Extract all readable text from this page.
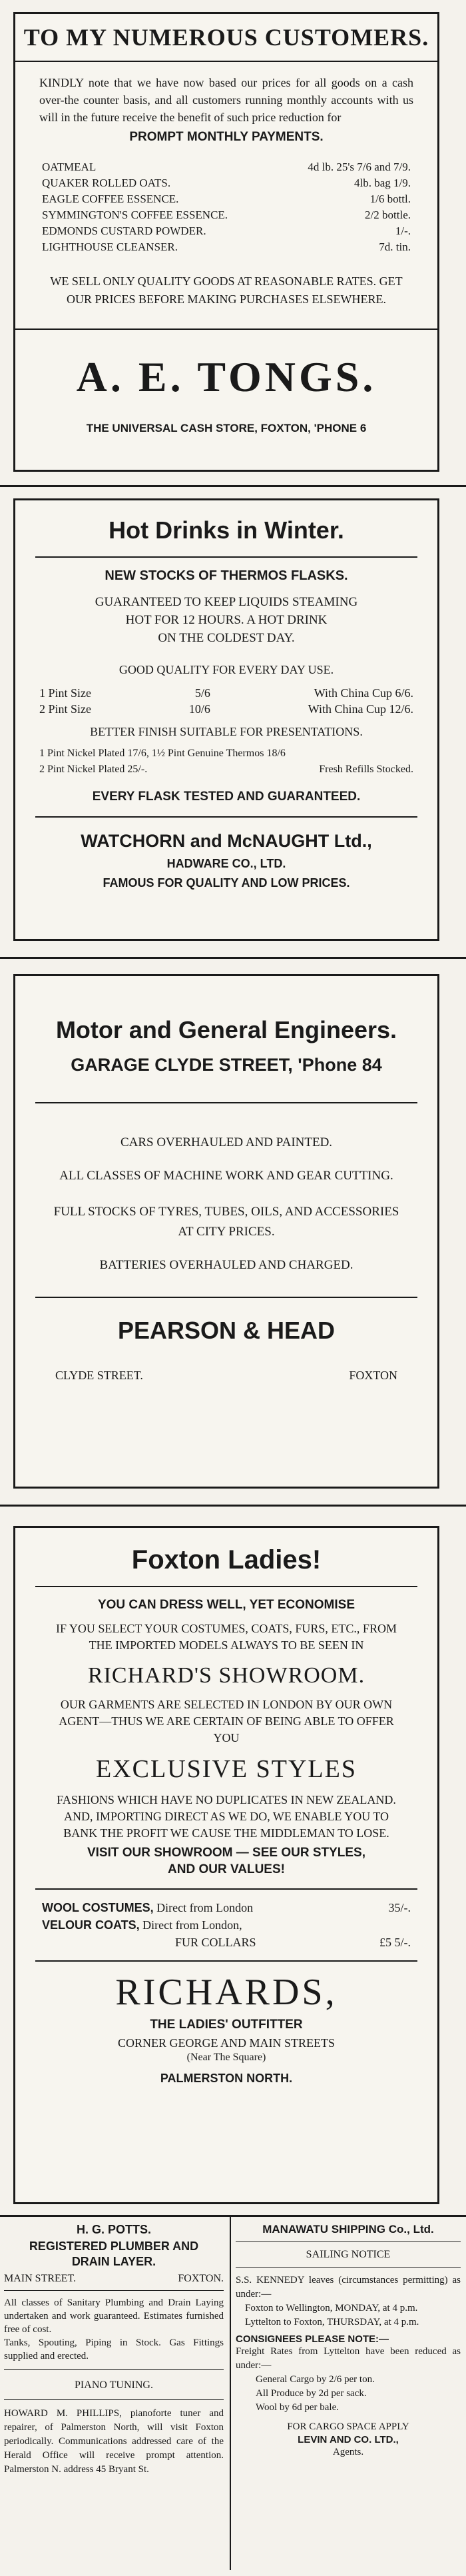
TO MY NUMEROUS CUSTOMERS.

KINDLY note that we have now based our prices for all goods on a cash over-the counter basis, and all customers running monthly accounts with us will in the future receive the benefit of such price reduction for

PROMPT MONTHLY PAYMENTS.

OATMEAL	4d lb. 25's 7/6 and 7/9.
QUAKER ROLLED OATS.	4lb. bag 1/9.
EAGLE COFFEE ESSENCE.	1/6 bottl.
SYMMINGTON'S COFFEE ESSENCE.	2/2 bottle.
EDMONDS CUSTARD POWDER.	1/-.
LIGHTHOUSE CLEANSER.	7d. tin.

WE SELL ONLY QUALITY GOODS AT REASONABLE RATES. GET OUR PRICES BEFORE MAKING PURCHASES ELSEWHERE.

A. E. TONGS.

THE UNIVERSAL CASH STORE, FOXTON, 'PHONE 6

Hot Drinks in Winter.

NEW STOCKS OF THERMOS FLASKS.

GUARANTEED TO KEEP LIQUIDS STEAMING

HOT FOR 12 HOURS. A HOT DRINK

ON THE COLDEST DAY.

GOOD QUALITY FOR EVERY DAY USE.

1 Pint Size	5/6	With China Cup 6/6.
2 Pint Size	10/6	With China Cup 12/6.

BETTER FINISH SUITABLE FOR PRESENTATIONS.

1 Pint Nickel Plated 17/6, 1½ Pint Genuine Thermos 18/6

2 Pint Nickel Plated 25/-.	Fresh Refills Stocked.

EVERY FLASK TESTED AND GUARANTEED.

WATCHORN and McNAUGHT Ltd.,

HADWARE CO., LTD.

FAMOUS FOR QUALITY AND LOW PRICES.

Motor and General Engineers.

GARAGE CLYDE STREET, 'Phone 84

CARS OVERHAULED AND PAINTED.

ALL CLASSES OF MACHINE WORK AND GEAR CUTTING.

FULL STOCKS OF TYRES, TUBES, OILS, AND ACCESSORIES AT CITY PRICES.

BATTERIES OVERHAULED AND CHARGED.

PEARSON & HEAD

CLYDE STREET.	FOXTON

Foxton Ladies!

YOU CAN DRESS WELL, YET ECONOMISE

IF YOU SELECT YOUR COSTUMES, COATS, FURS, ETC., FROM THE IMPORTED MODELS ALWAYS TO BE SEEN IN

RICHARD'S SHOWROOM.

OUR GARMENTS ARE SELECTED IN LONDON BY OUR OWN AGENT—THUS WE ARE CERTAIN OF BEING ABLE TO OFFER YOU

EXCLUSIVE STYLES

FASHIONS WHICH HAVE NO DUPLICATES IN NEW ZEALAND. AND, IMPORTING DIRECT AS WE DO, WE ENABLE YOU TO BANK THE PROFIT WE CAUSE THE MIDDLEMAN TO LOSE.

VISIT OUR SHOWROOM — SEE OUR STYLES, AND OUR VALUES!

WOOL COSTUMES, Direct from London	35/-.
VELOUR COATS, Direct from London,
FUR COLLARS	£5 5/-.

RICHARDS,

THE LADIES' OUTFITTER

CORNER GEORGE AND MAIN STREETS

(Near The Square)

PALMERSTON NORTH.

H. G. POTTS.

REGISTERED PLUMBER AND

DRAIN LAYER.

MAIN STREET.	FOXTON.

All classes of Sanitary Plumbing and Drain Laying undertaken and work guaranteed. Estimates furnished free of cost.

Tanks, Spouting, Piping in Stock. Gas Fittings supplied and erected.

PIANO TUNING.

HOWARD M. PHILLIPS, pianoforte tuner and repairer, of Palmerston North, will visit Foxton periodically. Communications addressed care of the Herald Office will receive prompt attention. Palmerston N. address 45 Bryant St.

MANAWATU SHIPPING Co., Ltd.

SAILING NOTICE

S.S. KENNEDY leaves (circumstances permitting) as under:—

Foxton to Wellington, MONDAY, at 4 p.m.

Lyttelton to Foxton, THURSDAY, at 4 p.m.

CONSIGNEES PLEASE NOTE:—

Freight Rates from Lyttelton have been reduced as under:—

General Cargo by 2/6 per ton.

All Produce by 2d per sack.

Wool by 6d per bale.

FOR CARGO SPACE APPLY

LEVIN AND CO. LTD.,

Agents.
